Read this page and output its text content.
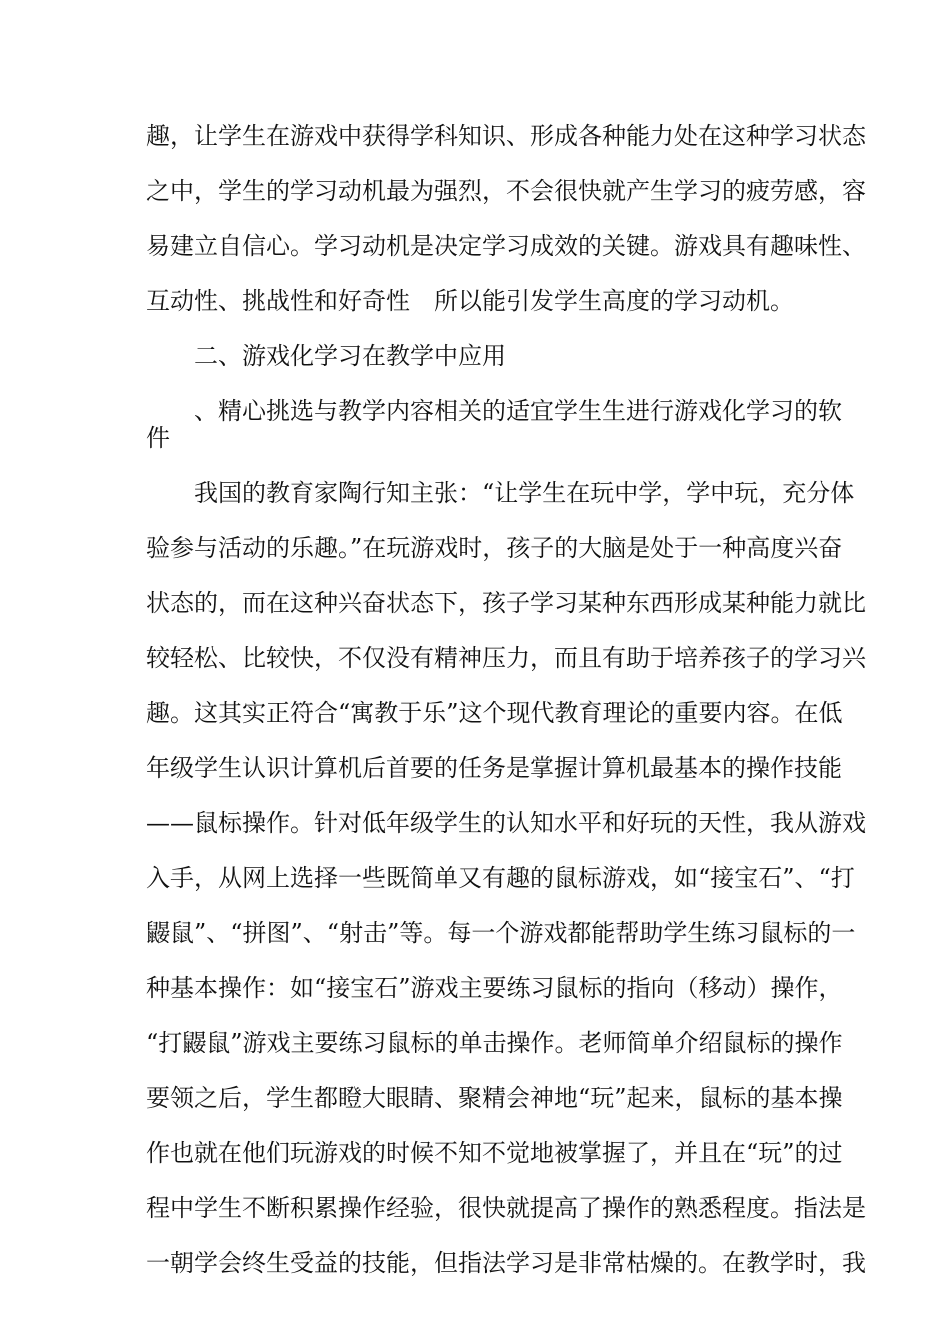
趣，让学生在游戏中获得学科知识、形成各种能力处在这种学习状态
之中，学生的学习动机最为强烈，不会很快就产生学习的疲劳感，容
易建立自信心。学习动机是决定学习成效的关键。游戏具有趣味性、
互动性、挑战性和好奇性　所以能引发学生高度的学习动机。
二、游戏化学习在教学中应用
、精心挑选与教学内容相关的适宜学生生进行游戏化学习的软
件
我国的教育家陶行知主张：“让学生在玩中学，学中玩，充分体
验参与活动的乐趣。”在玩游戏时，孩子的大脑是处于一种高度兴奋
状态的，而在这种兴奋状态下，孩子学习某种东西形成某种能力就比
较轻松、比较快，不仅没有精神压力，而且有助于培养孩子的学习兴
趣。这其实正符合“寓教于乐”这个现代教育理论的重要内容。在低
年级学生认识计算机后首要的任务是掌握计算机最基本的操作技能
——鼠标操作。针对低年级学生的认知水平和好玩的天性，我从游戏
入手，从网上选择一些既简单又有趣的鼠标游戏，如“接宝石”、“打
鼹鼠”、“拼图”、“射击”等。每一个游戏都能帮助学生练习鼠标的一
种基本操作：如“接宝石”游戏主要练习鼠标的指向（移动）操作，
“打鼹鼠”游戏主要练习鼠标的单击操作。老师简单介绍鼠标的操作
要领之后，学生都瞪大眼睛、聚精会神地“玩”起来，鼠标的基本操
作也就在他们玩游戏的时候不知不觉地被掌握了，并且在“玩”的过
程中学生不断积累操作经验，很快就提高了操作的熟悉程度。指法是
一朝学会终生受益的技能，但指法学习是非常枯燥的。在教学时，我
